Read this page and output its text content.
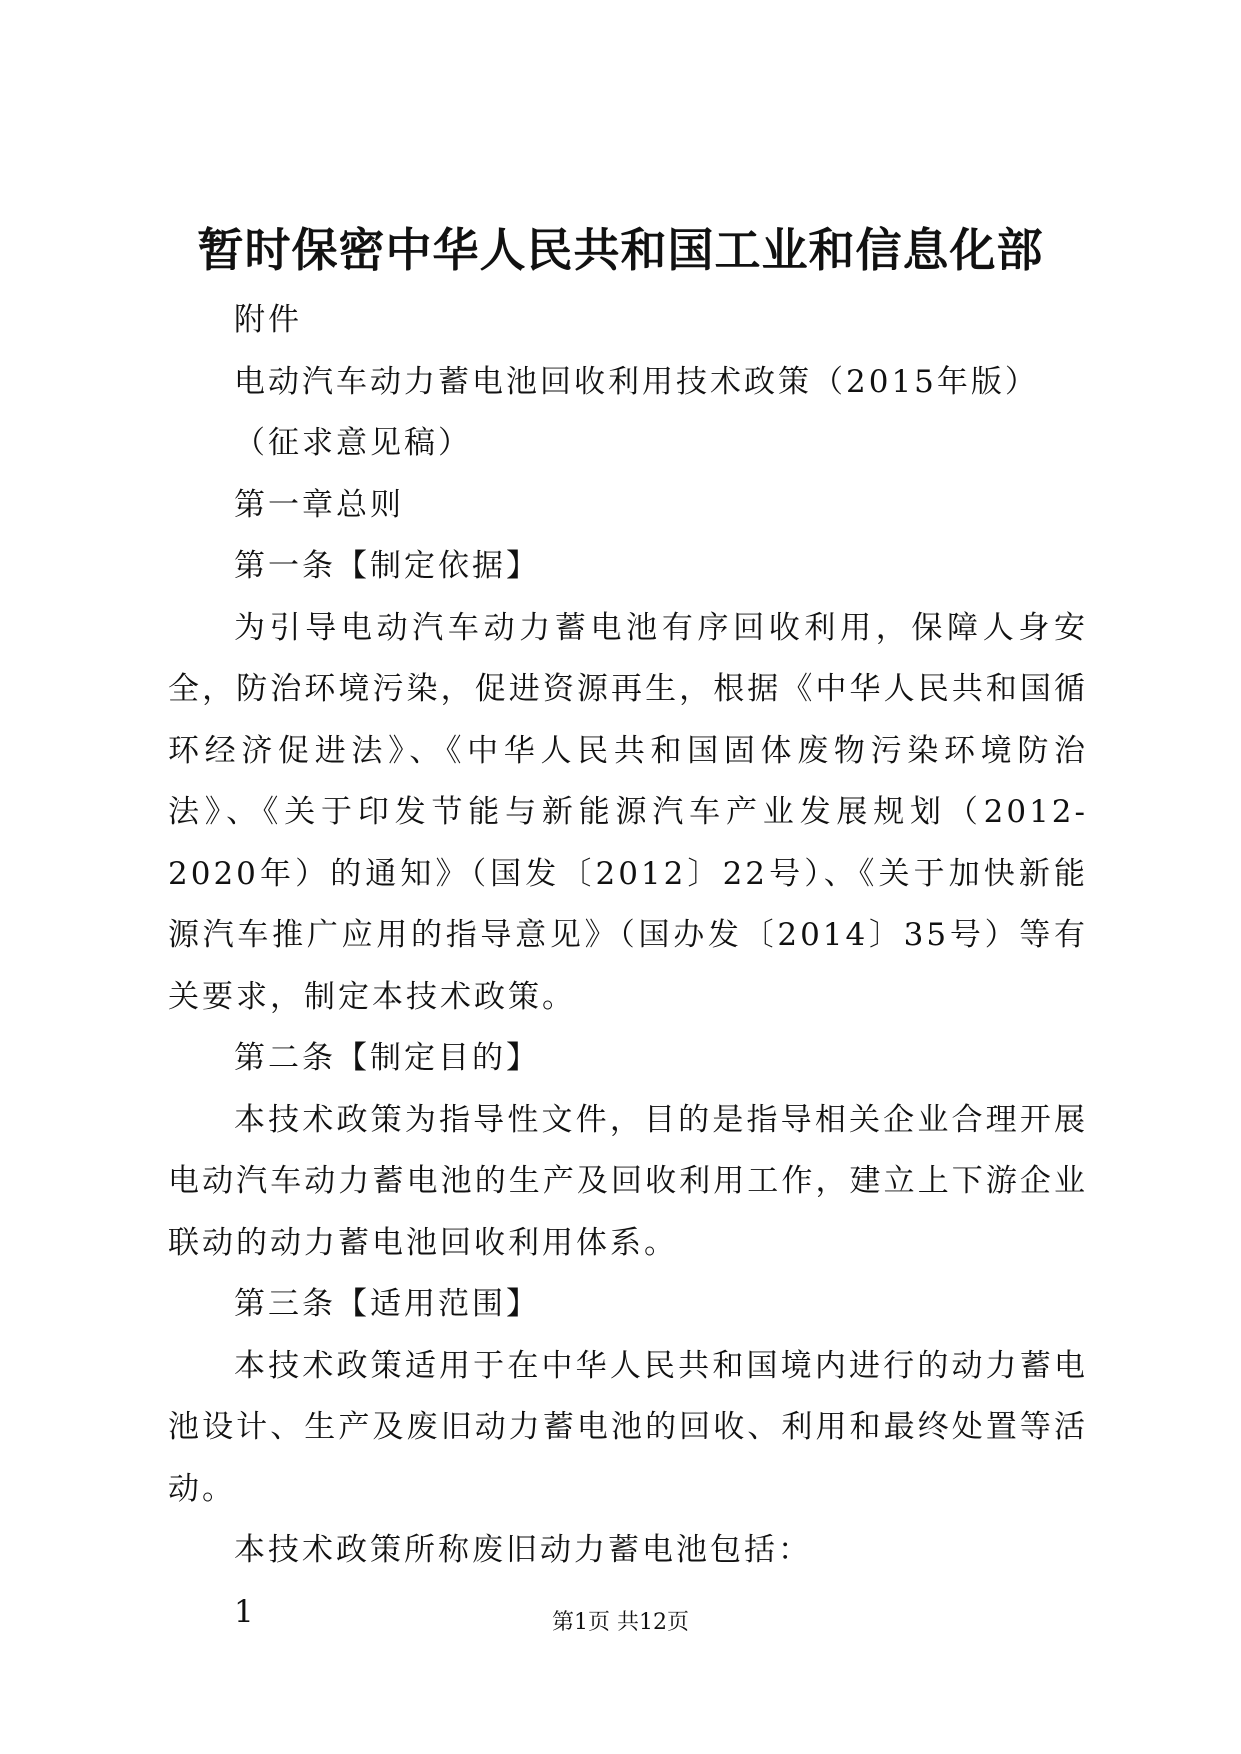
暂时保密中华人民共和国工业和信息化部

附件

电动汽车动力蓄电池回收利用技术政策（2015年版）

（征求意见稿）

第一章总则

第一条【制定依据】

为引导电动汽车动力蓄电池有序回收利用，保障人身安全，防治环境污染，促进资源再生，根据《中华人民共和国循环经济促进法》、《中华人民共和国固体废物污染环境防治法》、《关于印发节能与新能源汽车产业发展规划（2012-2020年）的通知》（国发〔2012〕22号）、《关于加快新能源汽车推广应用的指导意见》（国办发〔2014〕35号）等有关要求，制定本技术政策。

第二条【制定目的】

本技术政策为指导性文件，目的是指导相关企业合理开展电动汽车动力蓄电池的生产及回收利用工作，建立上下游企业联动的动力蓄电池回收利用体系。

第三条【适用范围】

本技术政策适用于在中华人民共和国境内进行的动力蓄电池设计、生产及废旧动力蓄电池的回收、利用和最终处置等活动。

本技术政策所称废旧动力蓄电池包括：

1	第1页 共12页
